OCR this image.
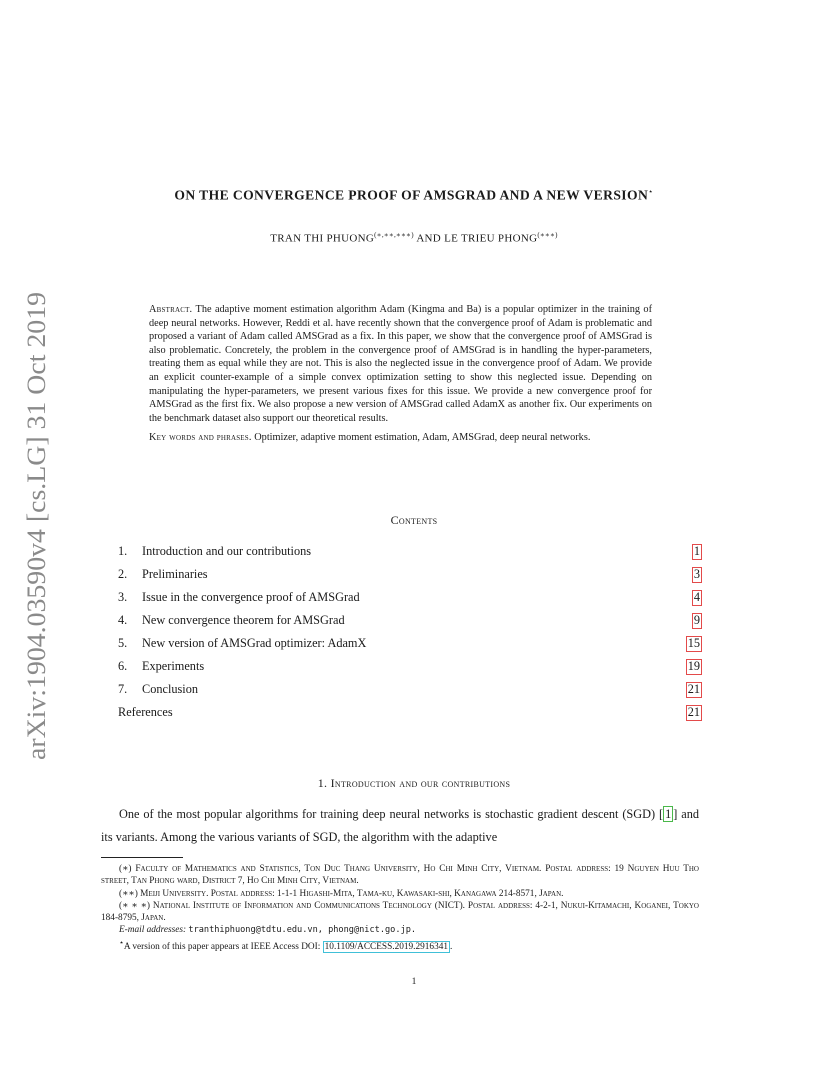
arXiv:1904.03590v4 [cs.LG] 31 Oct 2019
ON THE CONVERGENCE PROOF OF AMSGRAD AND A NEW VERSION⋆
TRAN THI PHUONG(∗,∗∗,∗∗∗) AND LE TRIEU PHONG(∗∗∗)

Abstract. The adaptive moment estimation algorithm Adam (Kingma and Ba) is a popular optimizer in the training of deep neural networks. However, Reddi et al. have recently shown that the convergence proof of Adam is problematic and proposed a variant of Adam called AMSGrad as a fix. In this paper, we show that the convergence proof of AMSGrad is also problematic. Concretely, the problem in the convergence proof of AMSGrad is in handling the hyper-parameters, treating them as equal while they are not. This is also the neglected issue in the convergence proof of Adam. We provide an explicit counter-example of a simple convex optimization setting to show this neglected issue. Depending on manipulating the hyper-parameters, we present various fixes for this issue. We provide a new convergence proof for AMSGrad as the first fix. We also propose a new version of AMSGrad called AdamX as another fix. Our experiments on the benchmark dataset also support our theoretical results.

Key words and phrases. Optimizer, adaptive moment estimation, Adam, AMSGrad, deep neural networks.

Contents
1. Introduction and our contributions	1
2. Preliminaries	3
3. Issue in the convergence proof of AMSGrad	4
4. New convergence theorem for AMSGrad	9
5. New version of AMSGrad optimizer: AdamX	15
6. Experiments	19
7. Conclusion	21
References	21
1. Introduction and our contributions

One of the most popular algorithms for training deep neural networks is stochastic gradient descent (SGD) [ 1 ] and its variants. Among the various variants of SGD, the algorithm with the adaptive

(∗) Faculty of Mathematics and Statistics, Ton Duc Thang University, Ho Chi Minh City, Vietnam. Postal address: 19 Nguyen Huu Tho street, Tan Phong ward, District 7, Ho Chi Minh City, Vietnam.

(∗∗) Meiji University. Postal address: 1-1-1 Higashi-Mita, Tama-ku, Kawasaki-shi, Kanagawa 214-8571, Japan.

(∗ ∗ ∗) National Institute of Information and Communications Technology (NICT). Postal address: 4-2-1, Nukui-Kitamachi, Koganei, Tokyo 184-8795, Japan.

E-mail addresses: tranthiphuong@tdtu.edu.vn, phong@nict.go.jp.

⋆A version of this paper appears at IEEE Access DOI: 10.1109/ACCESS.2019.2916341 .

1
